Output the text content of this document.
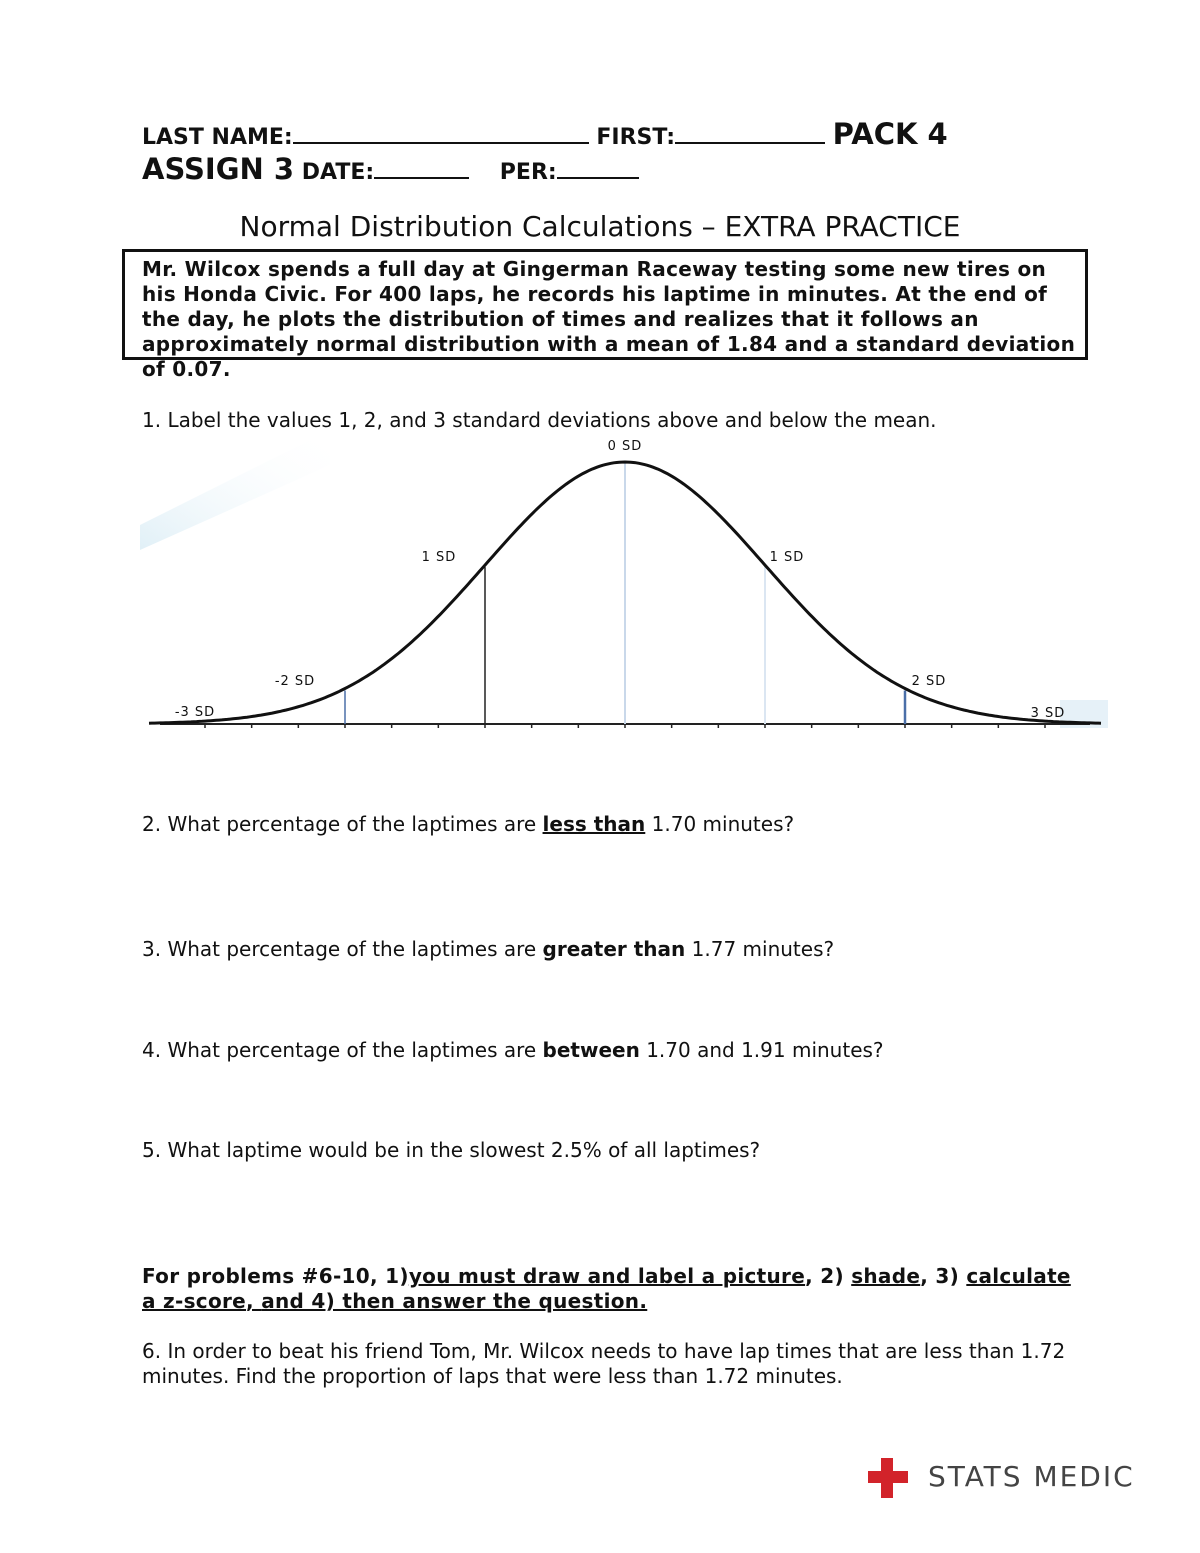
LAST NAME:	FIRST:	PACK 4
ASSIGN 3 DATE:	PER:
Normal Distribution Calculations – EXTRA PRACTICE
Mr. Wilcox spends a full day at Gingerman Raceway testing some new tires on his Honda Civic. For 400 laps, he records his laptime in minutes. At the end of the day, he plots the distribution of times and realizes that it follows an approximately normal distribution with a mean of 1.84 and a standard deviation of 0.07.
1. Label the values 1, 2, and 3 standard deviations above and below the mean.
-3 SD
-2 SD
1 SD
0 SD
1 SD
2 SD
3 SD
2. What percentage of the laptimes are less than 1.70 minutes?
3. What percentage of the laptimes are greater than 1.77 minutes?
4. What percentage of the laptimes are between 1.70 and 1.91 minutes?
5. What laptime would be in the slowest 2.5% of all laptimes?
For problems #6-10, 1)you must draw and label a picture, 2) shade, 3) calculate a z-score, and 4) then answer the question.
6. In order to beat his friend Tom, Mr. Wilcox needs to have lap times that are less than 1.72 minutes. Find the proportion of laps that were less than 1.72 minutes.
STATS MEDIC
